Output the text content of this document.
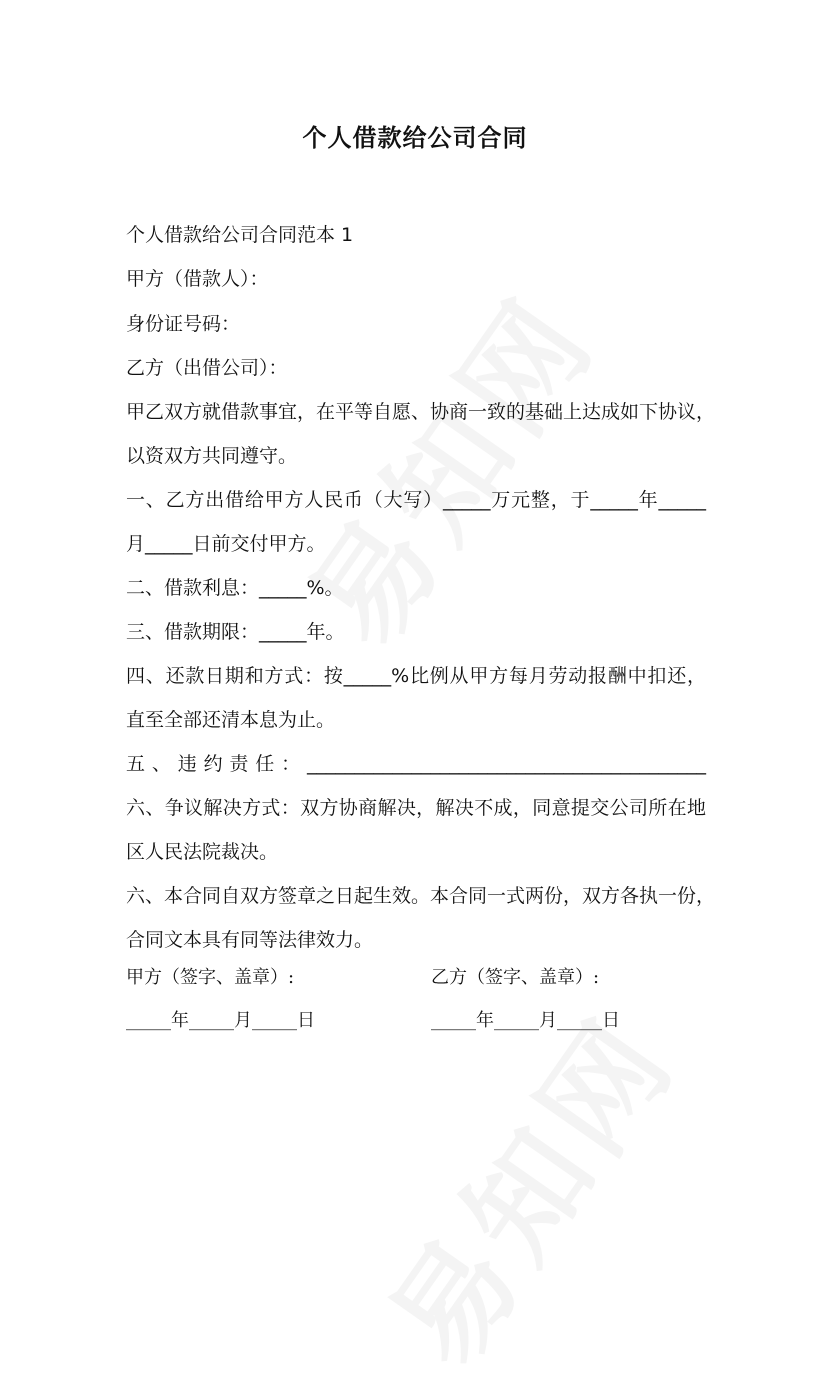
个人借款给公司合同
个人借款给公司合同范本 1
甲方（借款人）：
身份证号码：
乙方（出借公司）：
甲乙双方就借款事宜，在平等自愿、协商一致的基础上达成如下协议，
以资双方共同遵守。
一、乙方出借给甲方人民币（大写）_____万元整，于_____年_____
月_____日前交付甲方。
二、借款利息：_____%。
三、借款期限：_____年。
四、还款日期和方式：按_____%比例从甲方每月劳动报酬中扣还，
直至全部还清本息为止。
五、违约责任：__________________________________________
六、争议解决方式：双方协商解决，解决不成，同意提交公司所在地
区人民法院裁决。
六、本合同自双方签章之日起生效。本合同一式两份，双方各执一份，
合同文本具有同等法律效力。
甲方（签字、盖章）:	乙方（签字、盖章）:
_____年_____月_____日	_____年_____月_____日
